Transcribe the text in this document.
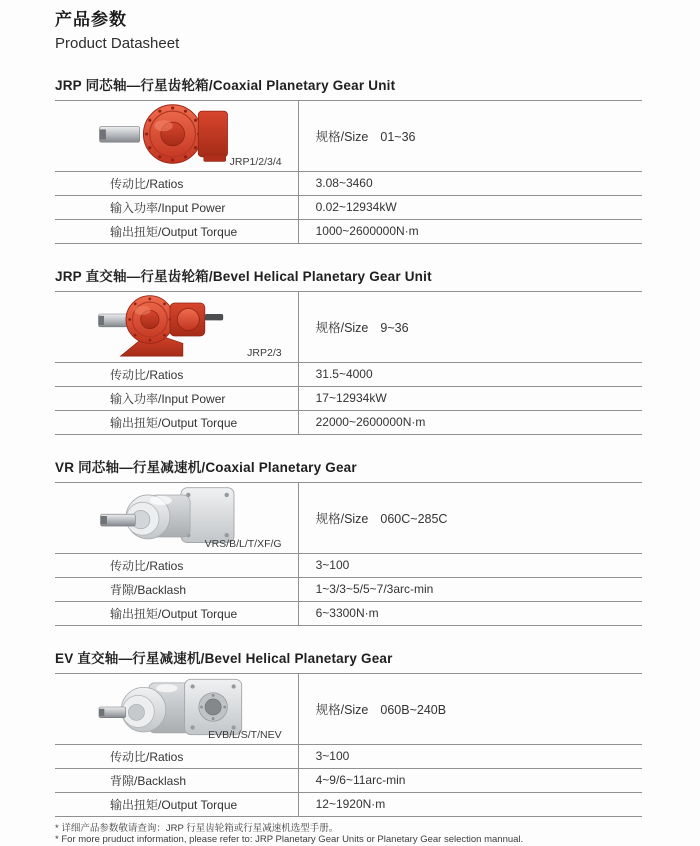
产品参数
Product Datasheet
JRP 同芯轴—行星齿轮箱/Coaxial Planetary Gear Unit
JRP1/2/3/4
规格/Size 01~36
传动比/Ratios	3.08~3460
输入功率/Input Power	0.02~12934kW
输出扭矩/Output Torque	1000~2600000N·m
JRP 直交轴—行星齿轮箱/Bevel Helical Planetary Gear Unit
JRP2/3
规格/Size 9~36
传动比/Ratios	31.5~4000
输入功率/Input Power	17~12934kW
输出扭矩/Output Torque	22000~2600000N·m
VR 同芯轴—行星减速机/Coaxial Planetary Gear
VRS/B/L/T/XF/G
规格/Size 060C~285C
传动比/Ratios	3~100
背隙/Backlash	1~3/3~5/5~7/3arc-min
输出扭矩/Output Torque	6~3300N·m
EV 直交轴—行星减速机/Bevel Helical Planetary Gear
EVB/L/S/T/NEV
规格/Size 060B~240B
传动比/Ratios	3~100
背隙/Backlash	4~9/6~11arc-min
输出扭矩/Output Torque	12~1920N·m
* 详细产品参数敬请查询：JRP 行星齿轮箱或行星减速机选型手册。
* For more pruduct information, please refer to: JRP Planetary Gear Units or Planetary Gear selection mannual.
